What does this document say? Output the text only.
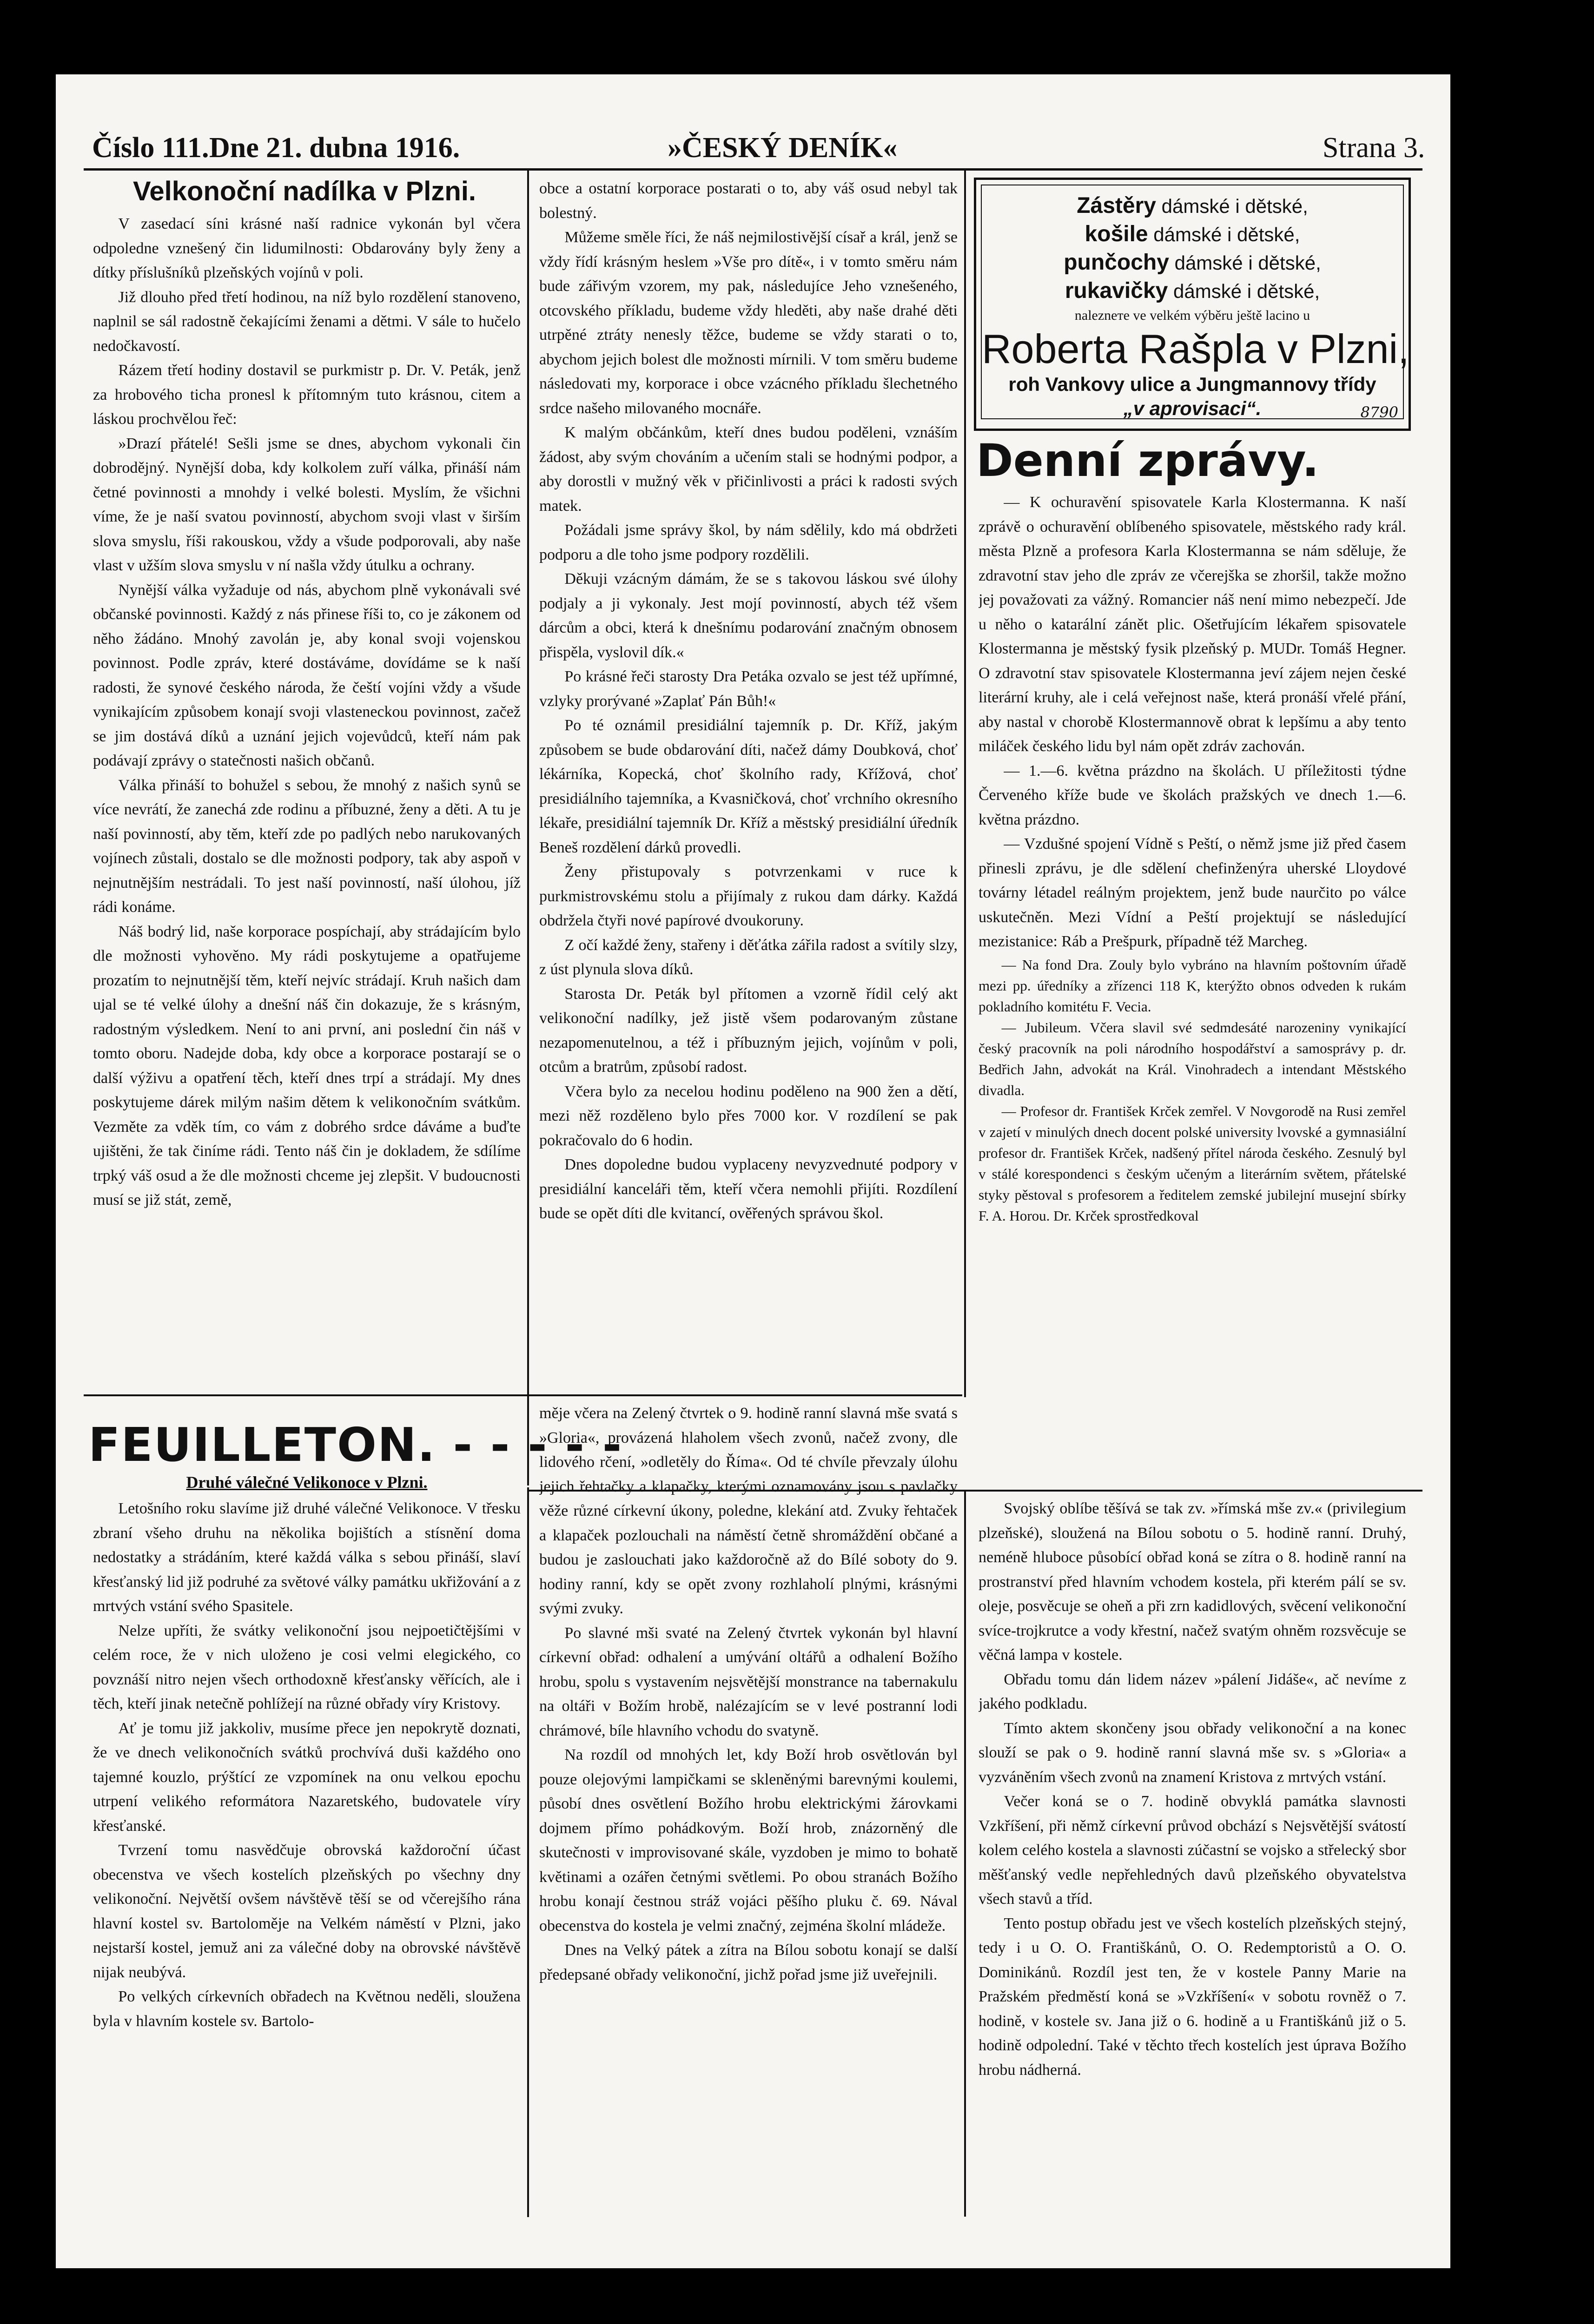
Číslo 111. Dne 21. dubna 1916.	»ČESKÝ DENÍK«	Strana 3.
Velkonoční nadílka v Plzni.

V zasedací síni krásné naší radnice vykonán byl včera odpoledne vznešený čin lidumilnosti: Obdarovány byly ženy a dítky příslušníků plzeňských vojínů v poli.

Již dlouho před třetí hodinou, na níž bylo rozdělení stanoveno, naplnil se sál radostně čekajícími ženami a dětmi. V sále to hučelo nedočkavostí.

Rázem třetí hodiny dostavil se purkmistr p. Dr. V. Peták, jenž za hrobového ticha pronesl k přítomným tuto krásnou, citem a láskou prochvělou řeč:

»Drazí přátelé! Sešli jsme se dnes, abychom vykonali čin dobrodějný. Nynější doba, kdy kolkolem zuří válka, přináší nám četné povinnosti a mnohdy i velké bolesti. Myslím, že všichni víme, že je naší svatou povinností, abychom svoji vlast v širším slova smyslu, říši rakouskou, vždy a všude podporovali, aby naše vlast v užším slova smyslu v ní našla vždy útulku a ochrany.

Nynější válka vyžaduje od nás, abychom plně vykonávali své občanské povinnosti. Každý z nás přinese říši to, co je zákonem od něho žádáno. Mnohý zavolán je, aby konal svoji vojenskou povinnost. Podle zpráv, které dostáváme, dovídáme se k naší radosti, že synové českého národa, že čeští vojíni vždy a všude vynikajícím způsobem konají svoji vlasteneckou povinnost, začež se jim dostává díků a uznání jejich vojevůdců, kteří nám pak podávají zprávy o statečnosti našich občanů.

Válka přináší to bohužel s sebou, že mnohý z našich synů se více nevrátí, že zanechá zde rodinu a příbuzné, ženy a děti. A tu je naší povinností, aby těm, kteří zde po padlých nebo narukovaných vojínech zůstali, dostalo se dle možnosti podpory, tak aby aspoň v nejnutnějším nestrádali. To jest naší povinností, naší úlohou, jíž rádi konáme.

Náš bodrý lid, naše korporace pospíchají, aby strádajícím bylo dle možnosti vyhověno. My rádi poskytujeme a opatřujeme prozatím to nejnutnější těm, kteří nejvíc strádají. Kruh našich dam ujal se té velké úlohy a dnešní náš čin dokazuje, že s krásným, radostným výsledkem. Není to ani první, ani poslední čin náš v tomto oboru. Nadejde doba, kdy obce a korporace postarají se o další výživu a opatření těch, kteří dnes trpí a strádají. My dnes poskytujeme dárek milým našim dětem k velikonočním svátkům. Vezměte za vděk tím, co vám z dobrého srdce dáváme a buďte ujištěni, že tak činíme rádi. Tento náš čin je dokladem, že sdílíme trpký váš osud a že dle možnosti chceme jej zlepšit. V budoucnosti musí se již stát, země,

obce a ostatní korporace postarati o to, aby váš osud nebyl tak bolestný.

Můžeme směle říci, že náš nejmilostivější císař a král, jenž se vždy řídí krásným heslem »Vše pro dítě«, i v tomto směru nám bude zářivým vzorem, my pak, následujíce Jeho vznešeného, otcovského příkladu, budeme vždy hleděti, aby naše drahé děti utrpěné ztráty nenesly těžce, budeme se vždy starati o to, abychom jejich bolest dle možnosti mírnili. V tom směru budeme následovati my, korporace i obce vzácného příkladu šlechetného srdce našeho milovaného mocnáře.

K malým občánkům, kteří dnes budou poděleni, vznáším žádost, aby svým chováním a učením stali se hodnými podpor, a aby dorostli v mužný věk v přičinlivosti a práci k radosti svých matek.

Požádali jsme správy škol, by nám sdělily, kdo má obdržeti podporu a dle toho jsme podpory rozdělili.

Děkuji vzácným dámám, že se s takovou láskou své úlohy podjaly a ji vykonaly. Jest mojí povinností, abych též všem dárcům a obci, která k dnešnímu podarování značným obnosem přispěla, vyslovil dík.«

Po krásné řeči starosty Dra Petáka ozvalo se jest též upřímné, vzlyky prorývané »Zaplať Pán Bůh!«

Po té oznámil presidiální tajemník p. Dr. Kříž, jakým způsobem se bude obdarování díti, načež dámy Doubková, choť lékárníka, Kopecká, choť školního rady, Křížová, choť presidiálního tajemníka, a Kvasničková, choť vrchního okresního lékaře, presidiální tajemník Dr. Kříž a městský presidiální úředník Beneš rozdělení dárků provedli.

Ženy přistupovaly s potvrzenkami v ruce k purkmistrovskému stolu a přijímaly z rukou dam dárky. Každá obdržela čtyři nové papírové dvoukoruny.

Z očí každé ženy, stařeny i děťátka zářila radost a svítily slzy, z úst plynula slova díků.

Starosta Dr. Peták byl přítomen a vzorně řídil celý akt velikonoční nadílky, jež jistě všem podarovaným zůstane nezapomenutelnou, a též i příbuzným jejich, vojínům v poli, otcům a bratrům, způsobí radost.

Včera bylo za necelou hodinu poděleno na 900 žen a dětí, mezi něž rozděleno bylo přes 7000 kor. V rozdílení se pak pokračovalo do 6 hodin.

Dnes dopoledne budou vyplaceny nevyzvednuté podpory v presidiální kanceláři těm, kteří včera nemohli přijíti. Rozdílení bude se opět díti dle kvitancí, ověřených správou škol.

Zástěry dámské i dětské,
košile dámské i dětské,
punčochy dámské i dětské,
rukavičky dámské i dětské,
nalezneте ve velkém výběru ještě lacino u
Roberta Rašpla v Plzni,
roh Vankovy ulice a Jungmannovy třídy
„v aprovisaci“.	8790
Denní zprávy.

— K ochuravění spisovatele Karla Klostermanna. K naší zprávě o ochuravění oblíbeného spisovatele, městského rady král. města Plzně a profesora Karla Klostermanna se nám sděluje, že zdravotní stav jeho dle zpráv ze včerejška se zhoršil, takže možno jej považovati za vážný. Romancier náš není mimo nebezpečí. Jde u něho o katarální zánět plic. Ošetřujícím lékařem spisovatele Klostermanna je městský fysik plzeňský p. MUDr. Tomáš Hegner. O zdravotní stav spisovatele Klostermanna jeví zájem nejen české literární kruhy, ale i celá veřejnost naše, která pronáší vřelé přání, aby nastal v chorobě Klostermannově obrat k lepšímu a aby tento miláček českého lidu byl nám opět zdráv zachován.

— 1.—6. května prázdno na školách. U příležitosti týdne Červeného kříže bude ve školách pražských ve dnech 1.—6. května prázdno.

— Vzdušné spojení Vídně s Peští, o němž jsme již před časem přinesli zprávu, je dle sdělení chefinženýra uherské Lloydové továrny létadel reálným projektem, jenž bude naurčito po válce uskutečněn. Mezi Vídní a Peští projektují se následující mezistanice: Ráb a Prešpurk, případně též Marcheg.

— Na fond Dra. Zouly bylo vybráno na hlavním poštovním úřadě mezi pp. úředníky a zřízenci 118 K, kterýžto obnos odveden k rukám pokladního komitétu F. Vecia.

— Jubileum. Včera slavil své sedmdesáté narozeniny vynikající český pracovník na poli národního hospodářství a samosprávy p. dr. Bedřich Jahn, advokát na Král. Vinohradech a intendant Městského divadla.

— Profesor dr. František Krček zemřel. V Novgorodě na Rusi zemřel v zajetí v minulých dnech docent polské university lvovské a gymnasiální profesor dr. František Krček, nadšený přítel národa českého. Zesnulý byl v stálé korespondenci s českým učeným a literárním světem, přátelské styky pěstoval s profesorem a ředitelem zemské jubilejní musejní sbírky F. A. Horou. Dr. Krček sprostředkoval

FEUILLETON. - - - - -
Druhé válečné Velikonoce v Plzni.

Letošního roku slavíme již druhé válečné Velikonoce. V třesku zbraní všeho druhu na několika bojištích a stísnění doma nedostatky a strádáním, které každá válka s sebou přináší, slaví křesťanský lid již podruhé za světové války památku ukřižování a z mrtvých vstání svého Spasitele.

Nelze upříti, že svátky velikonoční jsou nejpoetičtějšími v celém roce, že v nich uloženo je cosi velmi elegického, co povznáší nitro nejen všech orthodoxně křesťansky věřících, ale i těch, kteří jinak netečně pohlížejí na různé obřady víry Kristovy.

Ať je tomu již jakkoliv, musíme přece jen nepokrytě doznati, že ve dnech velikonočních svátků prochvívá duši každého ono tajemné kouzlo, prýštící ze vzpomínek na onu velkou epochu utrpení velikého reformátora Nazaretského, budovatele víry křesťanské.

Tvrzení tomu nasvědčuje obrovská každoroční účast obecenstva ve všech kostelích plzeňských po všechny dny velikonoční. Největší ovšem návštěvě těší se od včerejšího rána hlavní kostel sv. Bartoloměje na Velkém náměstí v Plzni, jako nejstarší kostel, jemuž ani za válečné doby na obrovské návštěvě nijak neubývá.

Po velkých církevních obřadech na Květnou neděli, sloužena byla v hlavním kostele sv. Bartolo-

měje včera na Zelený čtvrtek o 9. hodině ranní slavná mše svatá s »Gloria«, provázená hlaholem všech zvonů, načež zvony, dle lidového rčení, »odletěly do Říma«. Od té chvíle převzaly úlohu jejich řehtačky a klapačky, kterými oznamovány jsou s pavlačky věže různé církevní úkony, poledne, klekání atd. Zvuky řehtaček a klapaček pozlouchali na náměstí četně shromáždění občané a budou je zaslouchati jako každoročně až do Bílé soboty do 9. hodiny ranní, kdy se opět zvony rozhlaholí plnými, krásnými svými zvuky.

Po slavné mši svaté na Zelený čtvrtek vykonán byl hlavní církevní obřad: odhalení a umývání oltářů a odhalení Božího hrobu, spolu s vystavením nejsvětější monstrance na tabernakulu na oltáři v Božím hrobě, nalézajícím se v levé postranní lodi chrámové, bíle hlavního vchodu do svatyně.

Na rozdíl od mnohých let, kdy Boží hrob osvětlován byl pouze olejovými lampičkami se skleněnými barevnými koulemi, působí dnes osvětlení Božího hrobu elektrickými žárovkami dojmem přímo pohádkovým. Boží hrob, znázorněný dle skutečnosti v improvisované skále, vyzdoben je mimo to bohatě květinami a ozářen četnými světlemi. Po obou stranách Božího hrobu konají čestnou stráž vojáci pěšího pluku č. 69. Nával obecenstva do kostela je velmi značný, zejména školní mládeže.

Dnes na Velký pátek a zítra na Bílou sobotu konají se další předepsané obřady velikonoční, jichž pořad jsme již uveřejnili.

Svojský oblíbe těšívá se tak zv. »římská mše zv.« (privilegium plzeňské), sloužená na Bílou sobotu o 5. hodině ranní. Druhý, neméně hluboce působící obřad koná se zítra o 8. hodině ranní na prostranství před hlavním vchodem kostela, při kterém pálí se sv. oleje, posvěcuje se oheň a při zrn kadidlových, svěcení velikonoční svíce-trojkrutce a vody křestní, načež svatým ohněm rozsvěcuje se věčná lampa v kostele.

Obřadu tomu dán lidem název »pálení Jidáše«, ač nevíme z jakého podkladu.

Tímto aktem skončeny jsou obřady velikonoční a na konec slouží se pak o 9. hodině ranní slavná mše sv. s »Gloria« a vyzváněním všech zvonů na znamení Kristova z mrtvých vstání.

Večer koná se o 7. hodině obvyklá památka slavnosti Vzkříšení, při němž církevní průvod obchází s Nejsvětější svátostí kolem celého kostela a slavnosti zúčastní se vojsko a střelecký sbor měšťanský vedle nepřehledných davů plzeňského obyvatelstva všech stavů a tříd.

Tento postup obřadu jest ve všech kostelích plzeňských stejný, tedy i u O. O. Františkánů, O. O. Redemptoristů a O. O. Dominikánů. Rozdíl jest ten, že v kostele Panny Marie na Pražském předměstí koná se »Vzkříšení« v sobotu rovněž o 7. hodině, v kostele sv. Jana již o 6. hodině a u Františkánů již o 5. hodině odpolední. Také v těchto třech kostelích jest úprava Božího hrobu nádherná.
